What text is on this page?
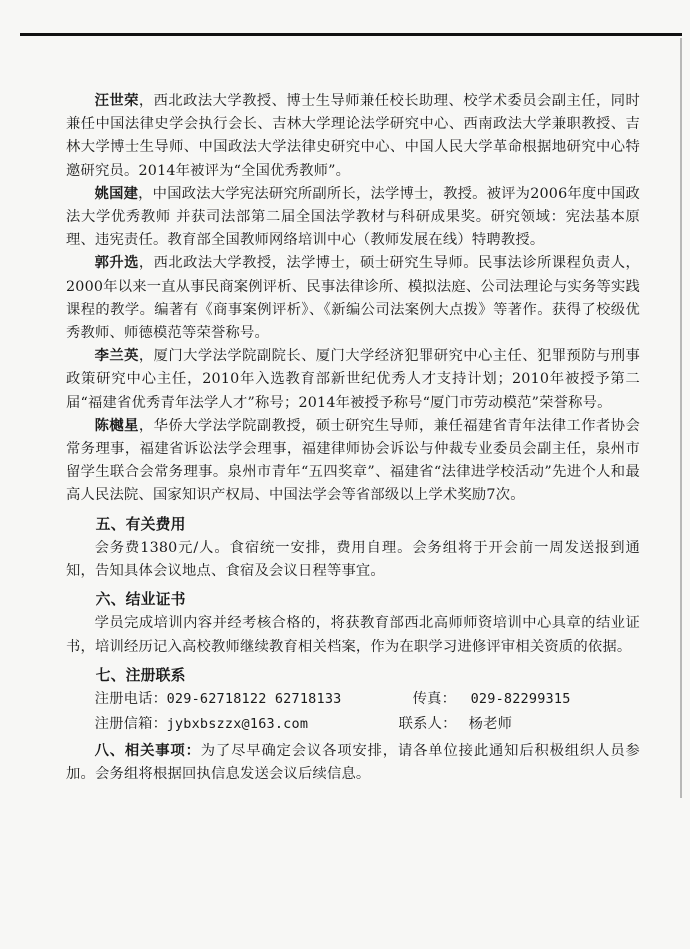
汪世荣，西北政法大学教授、博士生导师兼任校长助理、校学术委员会副主任，同时兼任中国法律史学会执行会长、吉林大学理论法学研究中心、西南政法大学兼职教授、吉林大学博士生导师、中国政法大学法律史研究中心、中国人民大学革命根据地研究中心特邀研究员。2014年被评为“全国优秀教师”。

姚国建，中国政法大学宪法研究所副所长，法学博士，教授。被评为2006年度中国政法大学优秀教师 并获司法部第二届全国法学教材与科研成果奖。研究领域：宪法基本原理、违宪责任。教育部全国教师网络培训中心（教师发展在线）特聘教授。

郭升选，西北政法大学教授，法学博士，硕士研究生导师。民事法诊所课程负责人，2000年以来一直从事民商案例评析、民事法律诊所、模拟法庭、公司法理论与实务等实践课程的教学。编著有《商事案例评析》、《新编公司法案例大点拨》等著作。获得了校级优秀教师、师德模范等荣誉称号。

李兰英，厦门大学法学院副院长、厦门大学经济犯罪研究中心主任、犯罪预防与刑事政策研究中心主任，2010年入选教育部新世纪优秀人才支持计划；2010年被授予第二届“福建省优秀青年法学人才”称号；2014年被授予称号“厦门市劳动模范”荣誉称号。

陈樾星，华侨大学法学院副教授，硕士研究生导师，兼任福建省青年法律工作者协会常务理事，福建省诉讼法学会理事，福建律师协会诉讼与仲裁专业委员会副主任，泉州市留学生联合会常务理事。泉州市青年“五四奖章”、福建省“法律进学校活动”先进个人和最高人民法院、国家知识产权局、中国法学会等省部级以上学术奖励7次。

五、有关费用

会务费1380元/人。食宿统一安排，费用自理。会务组将于开会前一周发送报到通知，告知具体会议地点、食宿及会议日程等事宜。

六、结业证书

学员完成培训内容并经考核合格的，将获教育部西北高师师资培训中心具章的结业证书，培训经历记入高校教师继续教育相关档案，作为在职学习进修评审相关资质的依据。

七、注册联系

注册电话： 029-62718122 62718133	传真： 029-82299315
注册信箱： jybxbszzx@163.com	联系人： 杨老师

八、相关事项：为了尽早确定会议各项安排，请各单位接此通知后积极组织人员参加。会务组将根据回执信息发送会议后续信息。
